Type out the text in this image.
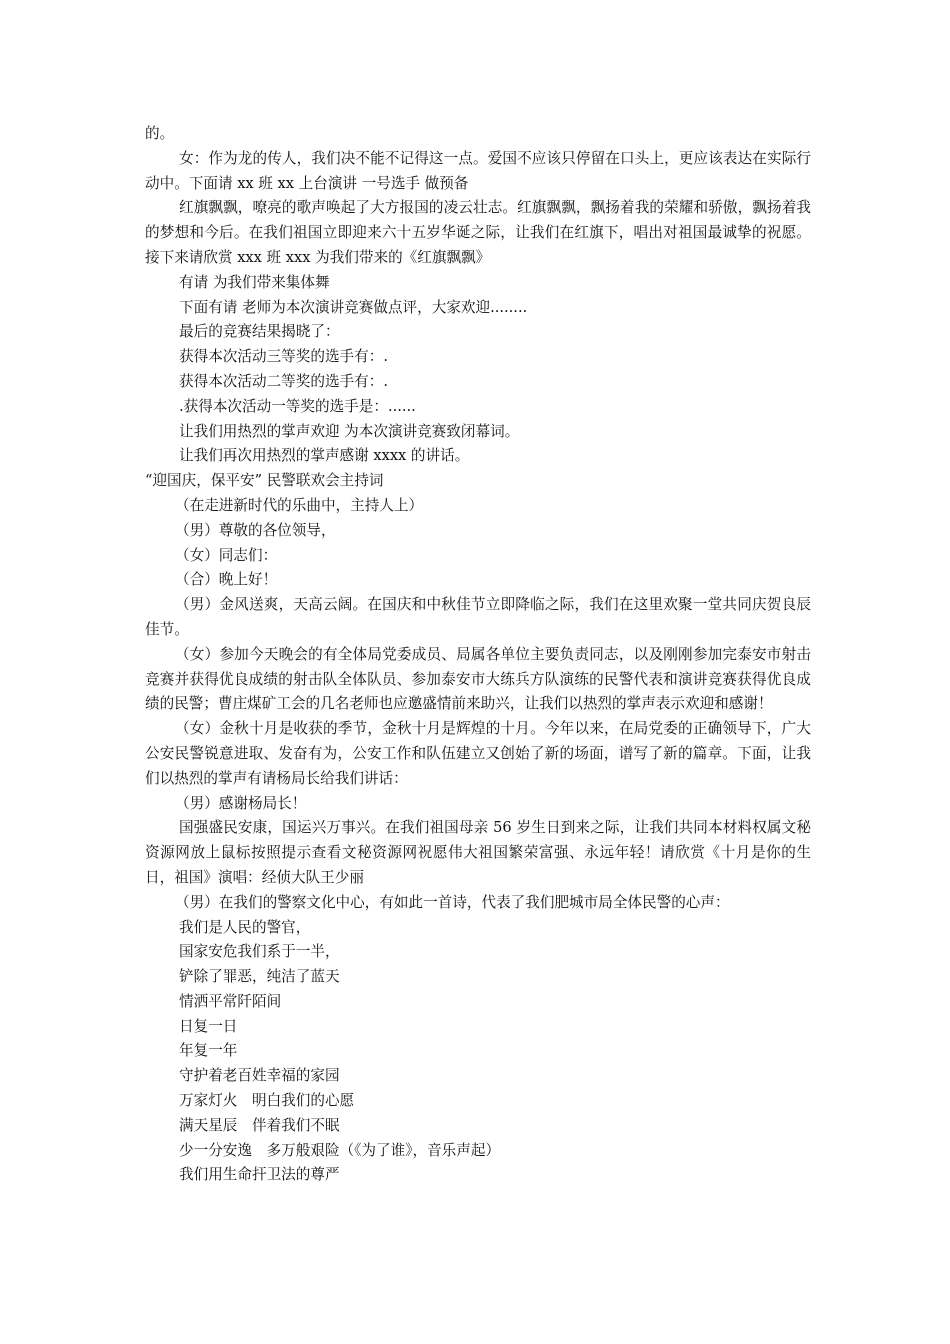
的。

女：作为龙的传人，我们决不能不记得这一点。爱国不应该只停留在口头上，更应该表达在实际行动中。下面请 xx 班 xx 上台演讲 一号选手 做预备

红旗飘飘，嘹亮的歌声唤起了大方报国的凌云壮志。红旗飘飘，飘扬着我的荣耀和骄傲，飘扬着我的梦想和今后。在我们祖国立即迎来六十五岁华诞之际，让我们在红旗下，唱出对祖国最诚挚的祝愿。接下来请欣赏 xxx 班 xxx 为我们带来的《红旗飘飘》

有请 为我们带来集体舞

下面有请 老师为本次演讲竞赛做点评，大家欢迎........

最后的竞赛结果揭晓了：

获得本次活动三等奖的选手有：.

获得本次活动二等奖的选手有：.

.获得本次活动一等奖的选手是：......

让我们用热烈的掌声欢迎 为本次演讲竞赛致闭幕词。

让我们再次用热烈的掌声感谢 xxxx 的讲话。

“迎国庆，保平安” 民警联欢会主持词

（在走进新时代的乐曲中，主持人上）

（男）尊敬的各位领导，

（女）同志们：

（合）晚上好！

（男）金风送爽，天高云阔。在国庆和中秋佳节立即降临之际，我们在这里欢聚一堂共同庆贺良辰佳节。

（女）参加今天晚会的有全体局党委成员、局属各单位主要负责同志，以及刚刚参加完泰安市射击竞赛并获得优良成绩的射击队全体队员、参加泰安市大练兵方队演练的民警代表和演讲竞赛获得优良成绩的民警；曹庄煤矿工会的几名老师也应邀盛情前来助兴，让我们以热烈的掌声表示欢迎和感谢！

（女）金秋十月是收获的季节，金秋十月是辉煌的十月。今年以来，在局党委的正确领导下，广大公安民警锐意进取、发奋有为，公安工作和队伍建立又创始了新的场面，谱写了新的篇章。下面，让我们以热烈的掌声有请杨局长给我们讲话：

（男）感谢杨局长！

国强盛民安康，国运兴万事兴。在我们祖国母亲 56 岁生日到来之际，让我们共同本材料权属文秘资源网放上鼠标按照提示查看文秘资源网祝愿伟大祖国繁荣富强、永远年轻！请欣赏《十月是你的生日，祖国》演唱：经侦大队王少丽

（男）在我们的警察文化中心，有如此一首诗，代表了我们肥城市局全体民警的心声：

我们是人民的警官，

国家安危我们系于一半，

铲除了罪恶，纯洁了蓝天

情洒平常阡陌间

日复一日

年复一年

守护着老百姓幸福的家园

万家灯火　明白我们的心愿

满天星辰　伴着我们不眠

少一分安逸　多万般艰险（《为了谁》，音乐声起）

我们用生命扞卫法的尊严
